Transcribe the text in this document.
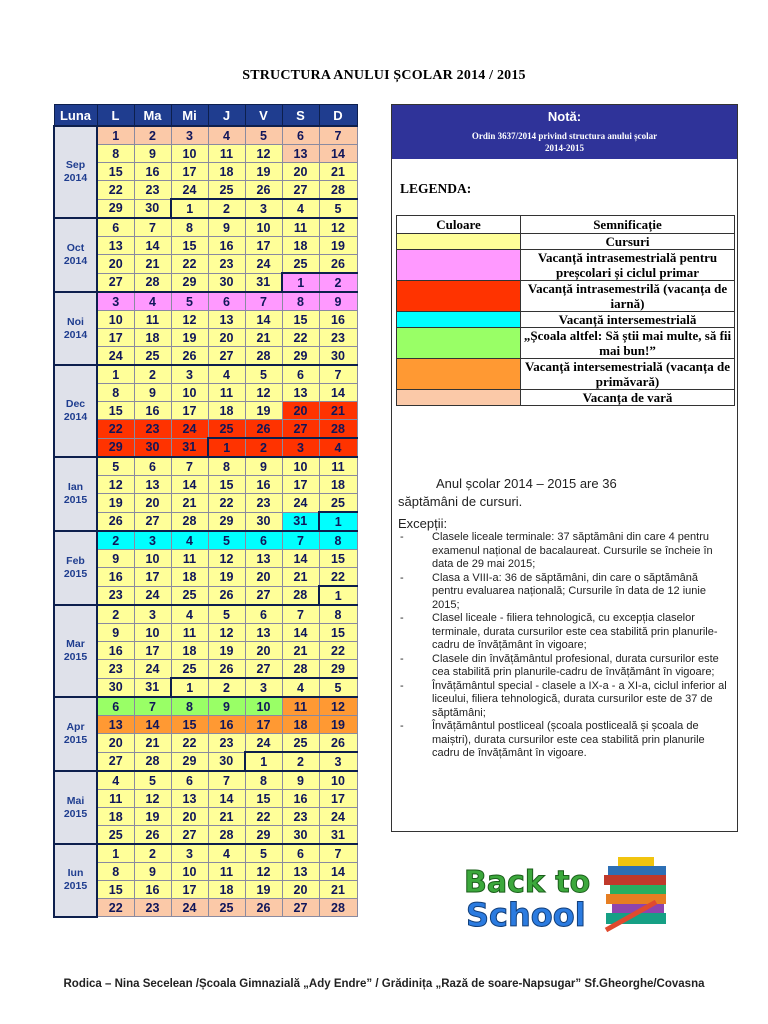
STRUCTURA ANULUI ȘCOLAR 2014 / 2015
Luna	L	Ma	Mi	J	V	S	D
Sep
2014	1	2	3	4	5	6	7
	8	9	10	11	12	13	14
	15	16	17	18	19	20	21
	22	23	24	25	26	27	28
	29	30	1	2	3	4	5
Oct
2014	6	7	8	9	10	11	12
	13	14	15	16	17	18	19
	20	21	22	23	24	25	26
	27	28	29	30	31	1	2
Noi
2014	3	4	5	6	7	8	9
	10	11	12	13	14	15	16
	17	18	19	20	21	22	23
	24	25	26	27	28	29	30
Dec
2014	1	2	3	4	5	6	7
	8	9	10	11	12	13	14
	15	16	17	18	19	20	21
	22	23	24	25	26	27	28
	29	30	31	1	2	3	4
Ian
2015	5	6	7	8	9	10	11
	12	13	14	15	16	17	18
	19	20	21	22	23	24	25
	26	27	28	29	30	31	1
Feb
2015	2	3	4	5	6	7	8
	9	10	11	12	13	14	15
	16	17	18	19	20	21	22
	23	24	25	26	27	28	1
Mar
2015	2	3	4	5	6	7	8
	9	10	11	12	13	14	15
	16	17	18	19	20	21	22
	23	24	25	26	27	28	29
	30	31	1	2	3	4	5
Apr
2015	6	7	8	9	10	11	12
	13	14	15	16	17	18	19
	20	21	22	23	24	25	26
	27	28	29	30	1	2	3
Mai
2015	4	5	6	7	8	9	10
	11	12	13	14	15	16	17
	18	19	20	21	22	23	24
	25	26	27	28	29	30	31
Iun
2015	1	2	3	4	5	6	7
	8	9	10	11	12	13	14
	15	16	17	18	19	20	21
	22	23	24	25	26	27	28
Notă:
Ordin 3637/2014 privind structura anului școlar
2014-2015
LEGENDA:
Culoare	Semnificație
	Cursuri
	Vacanță intrasemestrială pentru preșcolari și ciclul primar
	Vacanță intrasemestrilă (vacanța de iarnă)
	Vacanță intersemestrială
	„Școala altfel: Să știi mai multe, să fii mai bun!”
	Vacanță intersemestrială (vacanța de primăvară)
	Vacanța de vară
Anul școlar 2014 – 2015 are 36
săptămâni de cursuri.
Excepții:
- Clasele liceale terminale: 37 săptămâni din care 4 pentru examenul național de bacalaureat. Cursurile se încheie în data de 29 mai 2015;
- Clasa a VIII-a: 36 de săptămâni, din care o săptămână pentru evaluarea națională; Cursurile în data de 12 iunie 2015;
- Clasel liceale - filiera tehnologică, cu excepția claselor terminale, durata cursurilor este cea stabilită prin planurile-cadru de învățământ în vigoare;
- Clasele din învățământul profesional, durata cursurilor este cea stabilită prin planurile-cadru de învățământ în vigoare;
- Învățământul special - clasele a IX-a - a XI-a, ciclul inferior al liceului, filiera tehnologică, durata cursurilor este de 37 de săptămâni;
- Învățământul postliceal (școala postliceală și școala de maiștri), durata cursurilor este cea stabilită prin planurile cadru de învățământ în vigoare.
Back to
School
Rodica – Nina Secelean /Școala Gimnazială „Ady Endre” / Grădinița „Rază de soare-Napsugar” Sf.Gheorghe/Covasna
